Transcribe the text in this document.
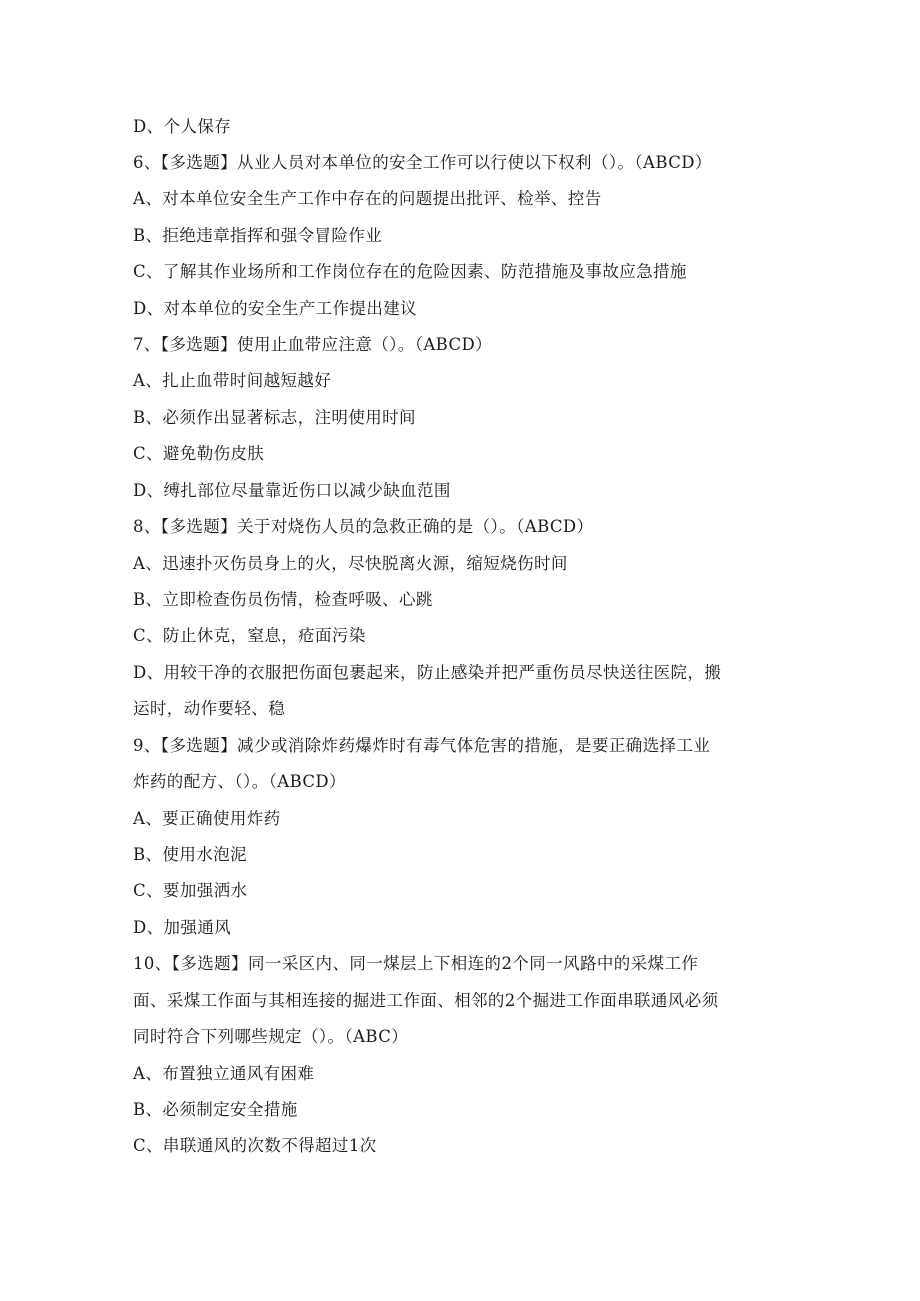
D、个人保存
6、【多选题】从业人员对本单位的安全工作可以行使以下权利（）。（ABCD）
A、对本单位安全生产工作中存在的问题提出批评、检举、控告
B、拒绝违章指挥和强令冒险作业
C、了解其作业场所和工作岗位存在的危险因素、防范措施及事故应急措施
D、对本单位的安全生产工作提出建议
7、【多选题】使用止血带应注意（）。（ABCD）
A、扎止血带时间越短越好
B、必须作出显著标志，注明使用时间
C、避免勒伤皮肤
D、缚扎部位尽量靠近伤口以减少缺血范围
8、【多选题】关于对烧伤人员的急救正确的是（）。（ABCD）
A、迅速扑灭伤员身上的火，尽快脱离火源，缩短烧伤时间
B、立即检查伤员伤情，检查呼吸、心跳
C、防止休克，窒息，疮面污染
D、用较干净的衣服把伤面包裹起来，防止感染并把严重伤员尽快送往医院，搬
运时，动作要轻、稳
9、【多选题】减少或消除炸药爆炸时有毒气体危害的措施，是要正确选择工业
炸药的配方、（）。（ABCD）
A、要正确使用炸药
B、使用水泡泥
C、要加强洒水
D、加强通风
10、【多选题】同一采区内、同一煤层上下相连的2个同一风路中的采煤工作
面、采煤工作面与其相连接的掘进工作面、相邻的2个掘进工作面串联通风必须
同时符合下列哪些规定（）。（ABC）
A、布置独立通风有困难
B、必须制定安全措施
C、串联通风的次数不得超过1次
